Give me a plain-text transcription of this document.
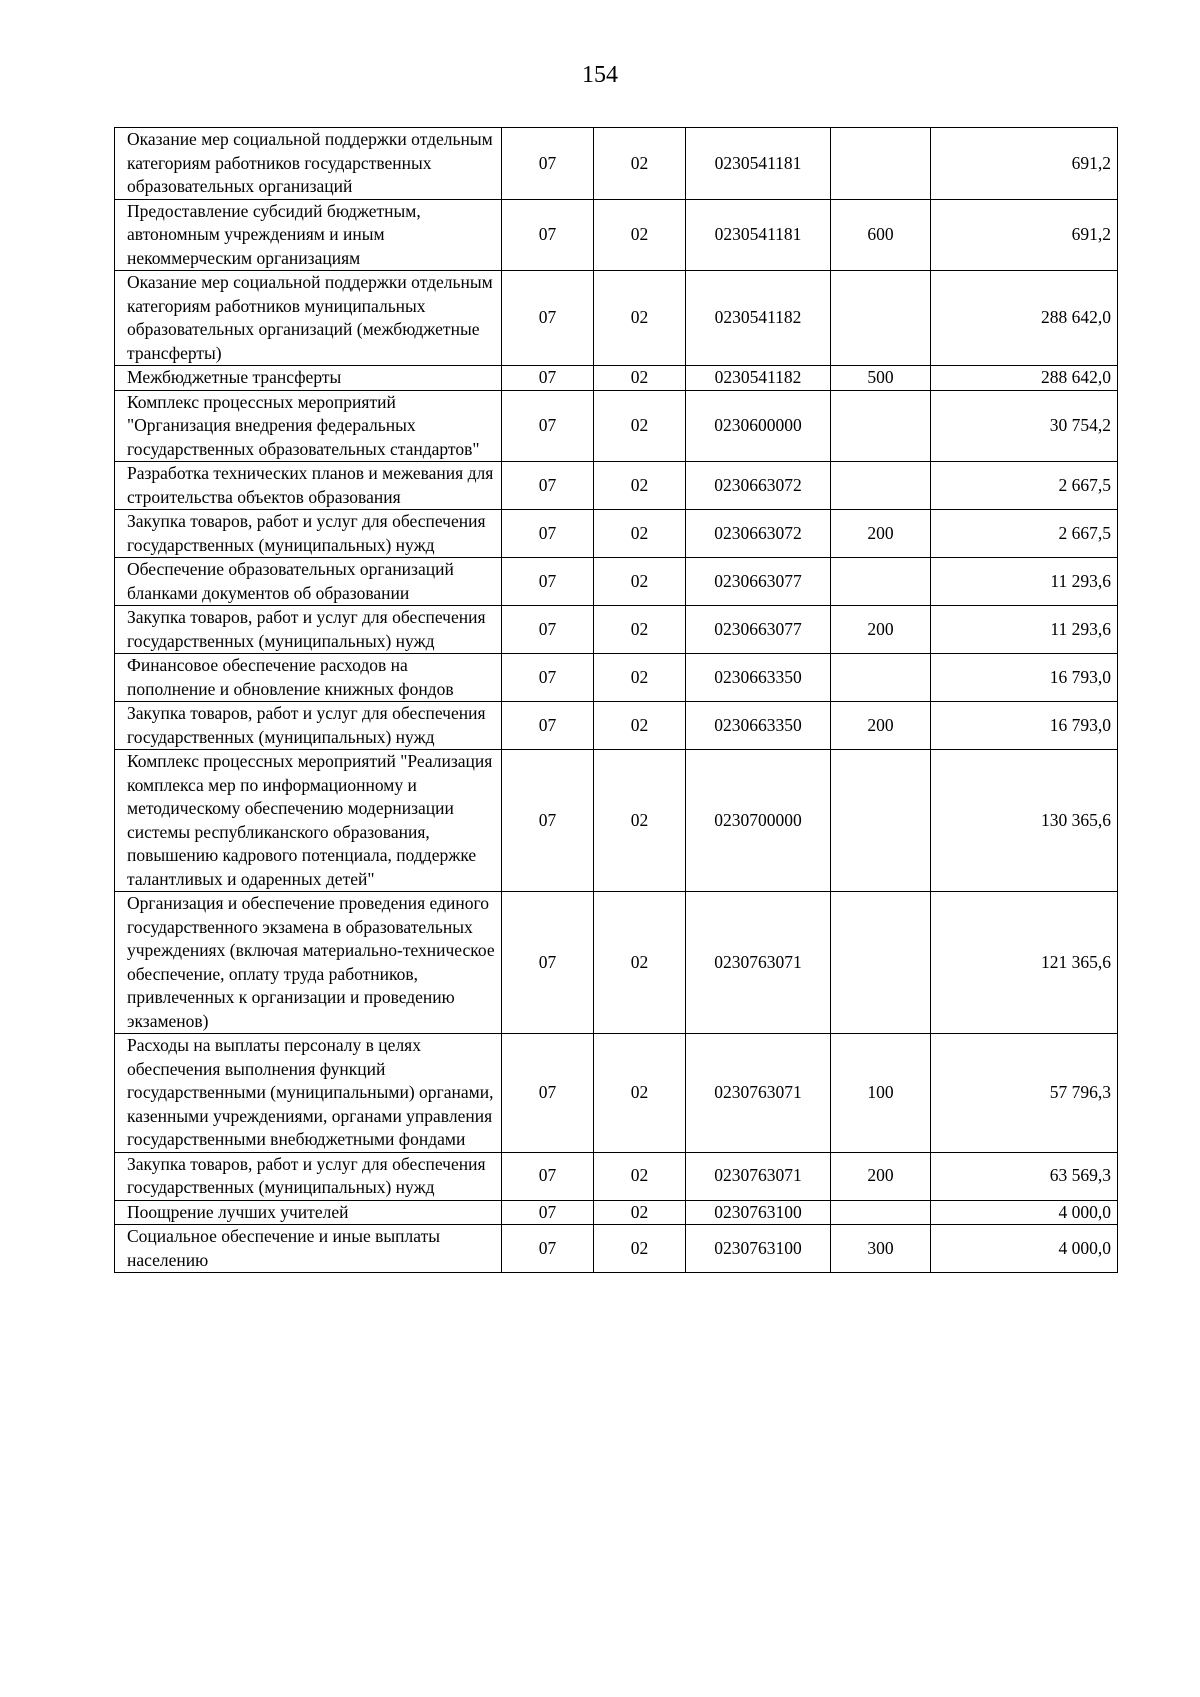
154
Оказание мер социальной поддержки отдельным категориям работников государственных образовательных организаций	07	02	0230541181		691,2
Предоставление субсидий бюджетным, автономным учреждениям и иным некоммерческим организациям	07	02	0230541181	600	691,2
Оказание мер социальной поддержки отдельным категориям работников муниципальных образовательных организаций (межбюджетные трансферты)	07	02	0230541182		288 642,0
Межбюджетные трансферты	07	02	0230541182	500	288 642,0
Комплекс процессных мероприятий "Организация внедрения федеральных государственных образовательных стандартов"	07	02	0230600000		30 754,2
Разработка технических планов и межевания для строительства объектов образования	07	02	0230663072		2 667,5
Закупка товаров, работ и услуг для обеспечения государственных (муниципальных) нужд	07	02	0230663072	200	2 667,5
Обеспечение образовательных организаций бланками документов об образовании	07	02	0230663077		11 293,6
Закупка товаров, работ и услуг для обеспечения государственных (муниципальных) нужд	07	02	0230663077	200	11 293,6
Финансовое обеспечение расходов на пополнение и обновление книжных фондов	07	02	0230663350		16 793,0
Закупка товаров, работ и услуг для обеспечения государственных (муниципальных) нужд	07	02	0230663350	200	16 793,0
Комплекс процессных мероприятий "Реализация комплекса мер по информационному и методическому обеспечению модернизации системы республиканского образования, повышению кадрового потенциала, поддержке талантливых и одаренных детей"	07	02	0230700000		130 365,6
Организация и обеспечение проведения единого государственного экзамена в образовательных учреждениях (включая материально-техническое обеспечение, оплату труда работников, привлеченных к организации и проведению экзаменов)	07	02	0230763071		121 365,6
Расходы на выплаты персоналу в целях обеспечения выполнения функций государственными (муниципальными) органами, казенными учреждениями, органами управления государственными внебюджетными фондами	07	02	0230763071	100	57 796,3
Закупка товаров, работ и услуг для обеспечения государственных (муниципальных) нужд	07	02	0230763071	200	63 569,3
Поощрение лучших учителей	07	02	0230763100		4 000,0
Социальное обеспечение и иные выплаты населению	07	02	0230763100	300	4 000,0
